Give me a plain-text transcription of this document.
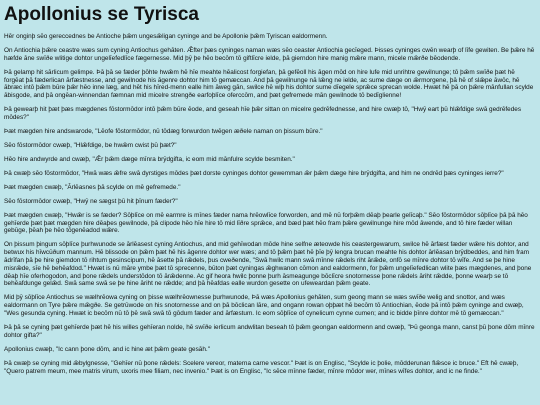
Apollonius se Tyrisca

Hēr onginþ sēo gereccednes be Antioche þǣm ungesǣligan cyninge and be Apollonie þǣm Tyriscan ealdormenn.

On Antiochia þǣre ceastre wæs sum cyning Antiochus gehāten. Ǣfter þæs cyninges naman wæs sēo ceaster Antiochia gecīeged. Þisses cyninges cwēn wearþ of līfe gewiten. Be þǣre hē hæfde āne swīðe wlitige dohtor ungelīefedlīce fægernesse. Mid þȳ þe hēo becōm tō giftlīcre ielde, þā gierndon hire manig mǣre mann, micele mǣrðe bēodende.

Þā gelamp hit sārlicum gelimpe. Þā þā se fæder þōhte hwǣm hē hīe meahte hēalicost forgiefan, þā gefēoll his āgen mōd on hire lufe mid unrihtre gewilnunge; tō þǣm swīðe þæt hē forgēat þā fæderlican ārfæstnesse, and gewilnode his āgenre dohtor him tō gemæccan. And þā gewilnunge nā lǣng ne ielde, ac sume dæge on ǣrmorgene, þā hē of slǣpe āwōc, hē ābræc intō þǣm būre þǣr hēo inne læg, and hēt his hīred-menn ealle him āweg gān, swilce hē wiþ his dohtor sume dīegele sprǣce sprecan wolde. Hwæt hē þā on þǣre mānfullan scylde ābisgode, and þā ongēan-winnendan fæmnan mid micelre strengðe earfoþlīce oferccōm, and þæt gefremede mān gewilnode tō bedīgliennе!

Þā gewearþ hit þæt þæs mægdenes fōstormōdor intō þǣm būre ēode, and geseah hīe þǣr sittan on micelre gedrēfednesse, and hire cwæþ tō, "Hwȳ eart þū hlǣfdige swā gedrēfedes mōdes?"

Þæt mægden hire andswarode, "Lēofe fōstormōdor, nū tōdæg forwurdon twēgen æðele naman on þissum būre."

Sēo fōstormōdor cwæþ, "Hlǣfdige, be hwǣm cwist þū þæt?"

Hēo hire andwyrde and cwæþ, "Ǣr þǣm dæge mīnra brȳdgifta, ic eom mid mānfulre scylde besmiten."

Þā cwæþ sēo fōstormōdor, "Hwā wæs ǣfre swā dyrstiges mōdes þæt dorste cyninges dohtor gewemman ǣr þǣm dæge hire brȳdgifta, and him ne ondrēd þæs cyninges ierre?"

Þæt mægden cwæþ, "Ārlēasnes þā scylde on mē gefremede."

Sēo fōstormōdor cwæþ, "Hwȳ ne sægst þū hit þīnum fæder?"

Þæt mægden cwæþ, "Hwǣr is se fæder? Sōþlīce on mē earmre is mīnes fæder nama hrēowlīce forworden, and mē nū forþǣm dēaþ þearle gelīcaþ." Sēo fōstormōdor sōþlīce þā þā hēo gehīerde þæt þæt mægden hire dēaþes gewilnode, þā clipode hēo hīe hire tō mid līðre sprǣce, and bæd þæt hēo fram þǣre gewilnunge hire mōd āwende, and tō hire fæder willan gebūge, þēah þe hēo tōgenēadod wǣre.

On þissum þingum sōþlīce þurhwunode se ārlēasest cyning Antiochus, and mid gehīwodan mōde hine selfne æteowde his ceastergewarum, swilce hē ārfæst fæder wǣre his dohtor, and betwux his hīwcūðum mannum. Hē blissode on þǣm þæt hē his āgenre dohtor wer wæs; and tō þǣm þæt hē þīe þȳ lengra brucan meahte his dohtor ārlēasan brȳdbeddes, and him fram ādrīfan þā þe hire giemdon tō rihtum gesinscipum, hē āsette þā rǣdels, þus cweðende, "Swā hwilc mann swā mīnne rǣdels riht ārǣde, onfō se mīnre dohtor tō wīfe. And se þe hine misrǣde, sīe hē behēafdod." Hwæt is nū māre ymbe þæt tō sprecenne, būton þæt cyningas ǣghwanon cōmon and ealdormenn, for þǣm ungelīefedlican wlite þæs mægdenes, and þone dēaþ hīe oferhogodon, and þone rǣdels understōdon tō ārǣdenne. Ac gif heora hwilc þonne þurh āsmeagunge bōclīcre snotornesse þone rǣdels āriht rǣdde, þonne wearþ se tō behēafdunge gelǣd. Swā same swā se þe hine āriht ne rǣdde; and þā hēafdas ealle wurdon gesette on ufeweardan þǣm geate.

Mid þȳ sōþlīce Antiochus se wælhrēowa cyning on þisse wælhrēownesse þurhwunode, Þā wæs Apollonius gehāten, sum geong mann se wæs swīðe welig and snottor, and wæs ealdormann on Tyre þǣre mǣgðe. Se getrūwode on his snotornesse and on þā bōclican lāre, and ongann rowan oþþæt hē becōm tō Antiochian, ēode þā intō þǣm cyninge and cwæþ, "Wes gesunda cyning. Hwæt ic becōm nū tō þē swā swā tō gōdum fæder and ārfæstum. Ic eom sōþlīce of cynelicum cynne cumen; and ic bidde þīnre dohtor mē tō gemæccan."

Þā þā se cyning þæt gehīerde þæt hē his willes gehīeran nolde, hē swīðe ierlicum andwlitan beseah tō þǣm geongan ealdormenn and cwæþ, "Þū geonga mann, canst þū þone dōm mīnre dohtor gifta?"

Apollonius cwæþ, "Ic cann þone dōm, and ic hine æt þǣm geate gesāh."

Þā cwæþ se cyning mid ǣbylgnesse, "Gehīer nū þone rǣdels: Scelere vereor, materna carne vescor." Þæt is on Englisc, "Scylde ic þolie, mōdderunan flǣsce ic brucе." Eft hē cwæþ, "Quero patrem meum, mee matris virum, uxoris mee filiam, nec invenio." Þæt is on Englisc, "Ic sēce mīnne fæder, mīnre mōdor wer, mīnes wīfes dohtor, and ic ne finde."
